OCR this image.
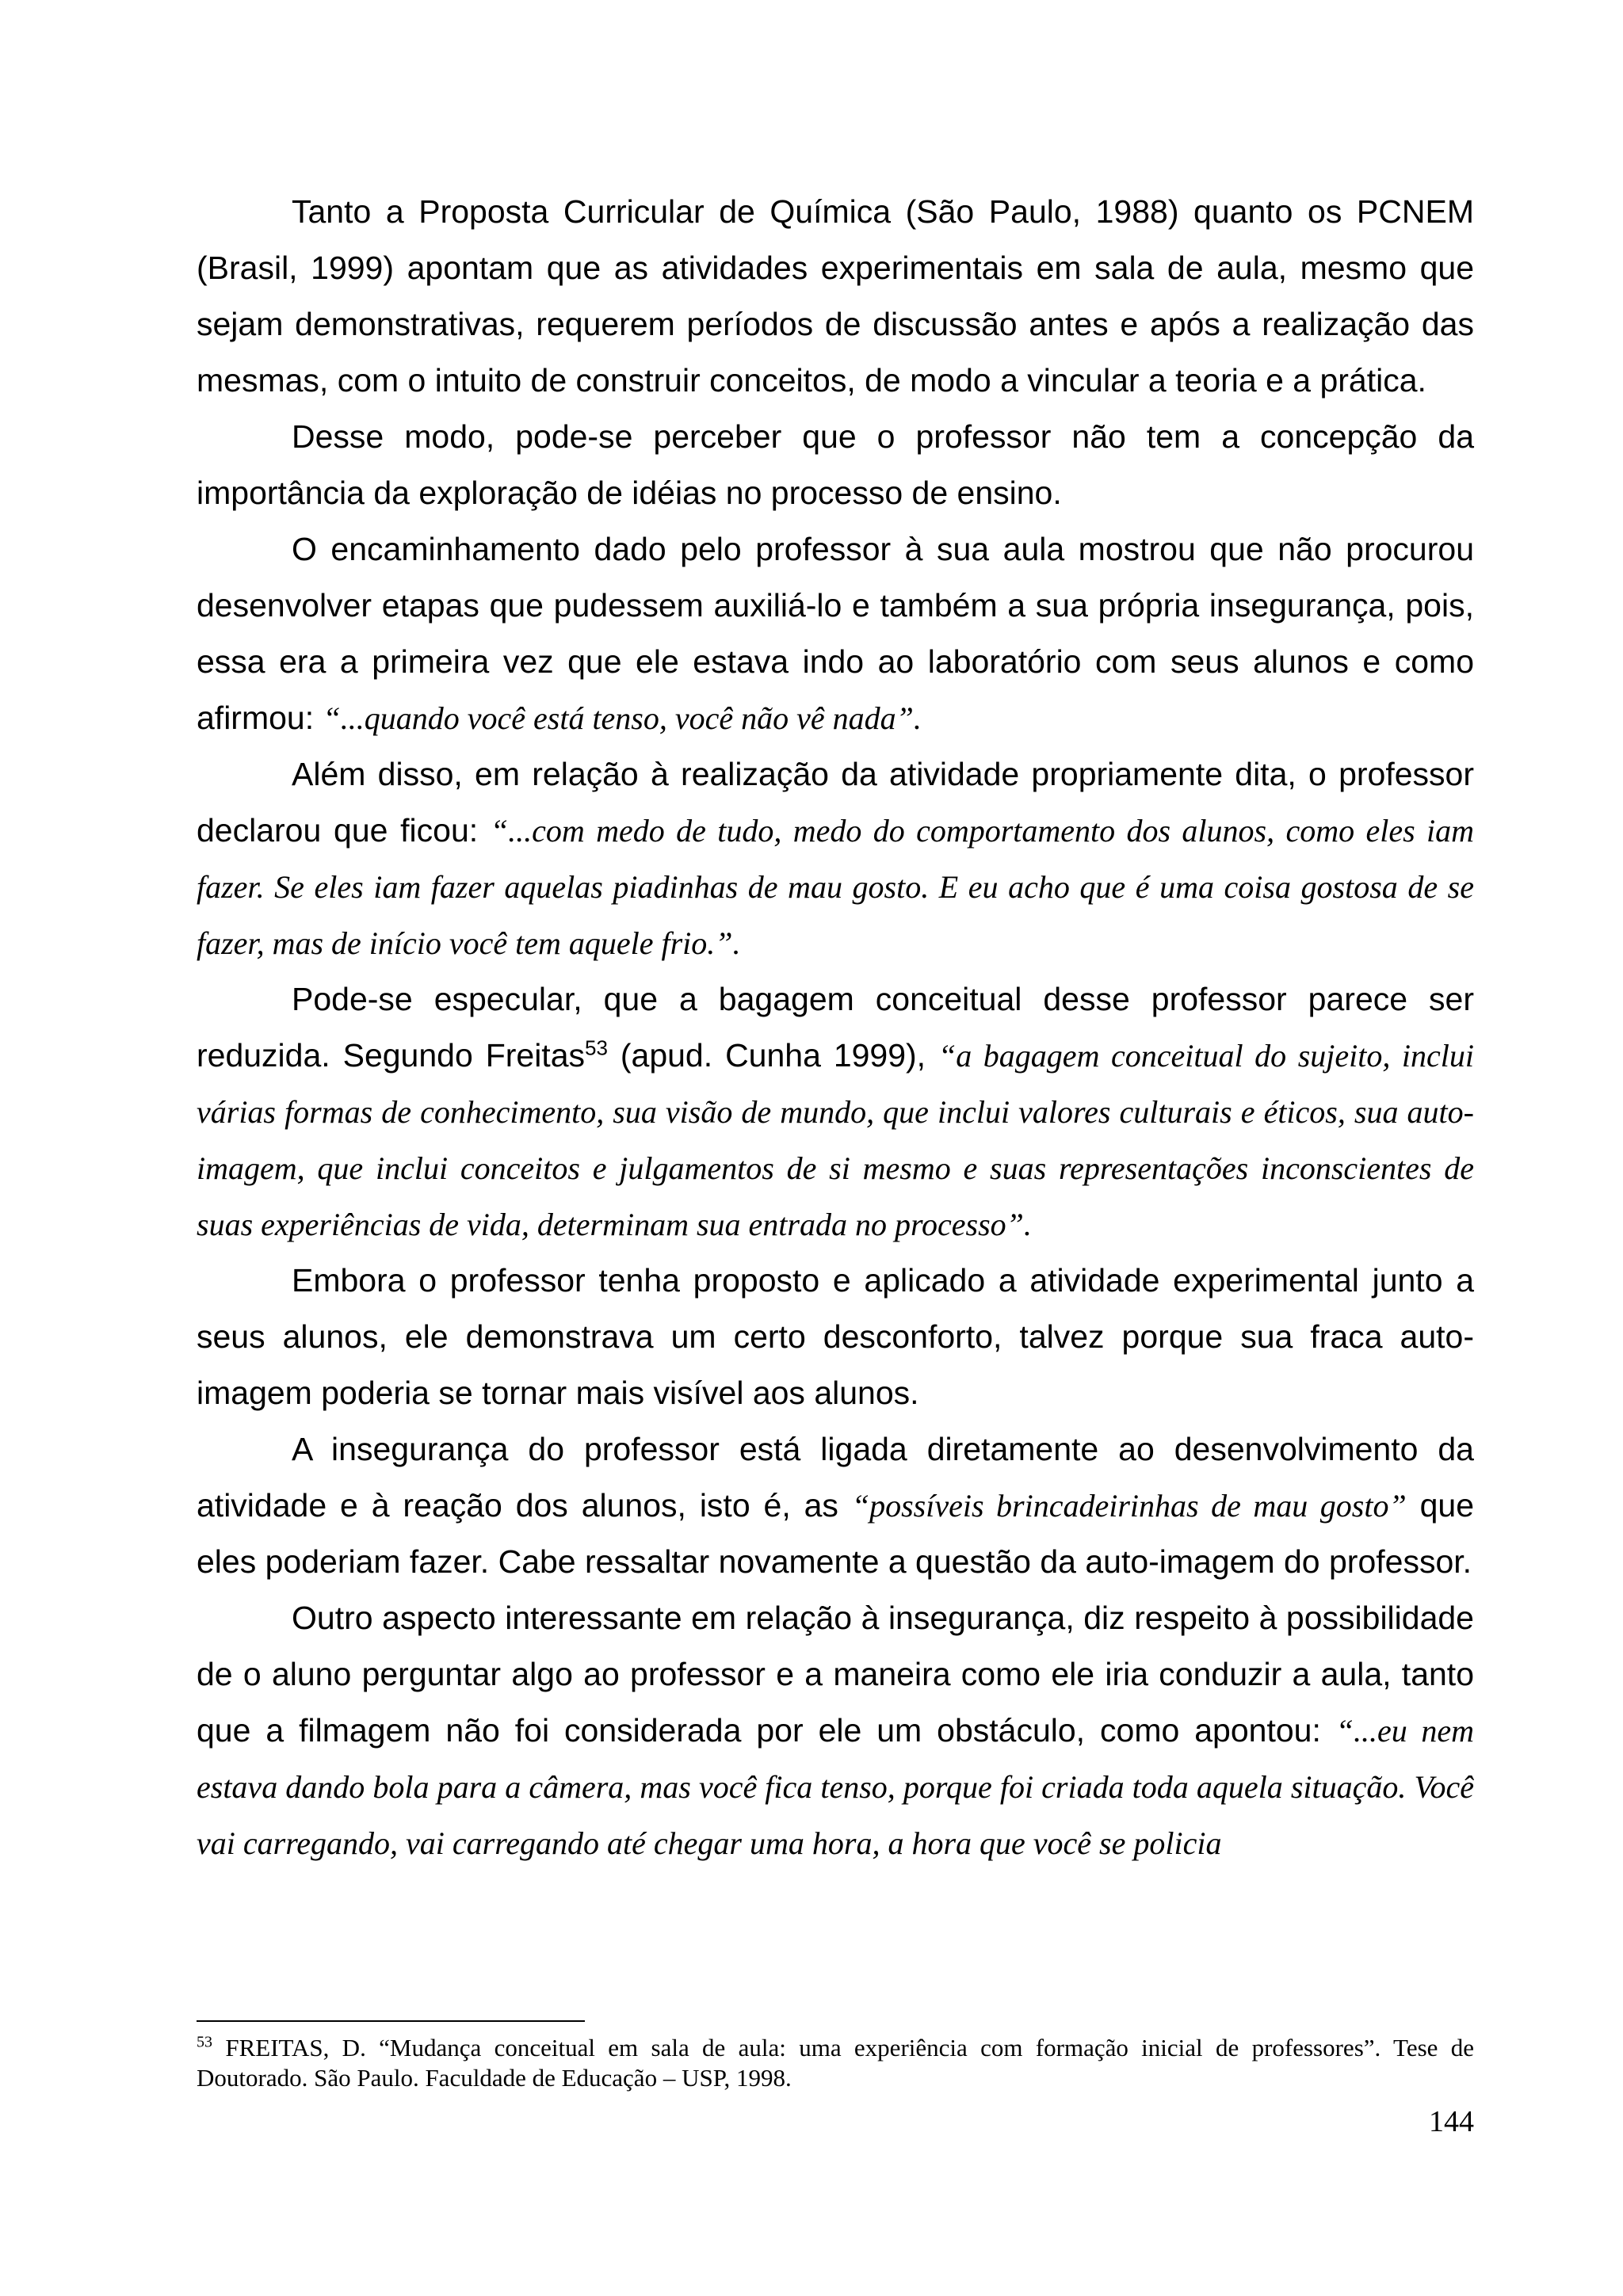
Tanto a Proposta Curricular de Química (São Paulo, 1988) quanto os PCNEM (Brasil, 1999) apontam que as atividades experimentais em sala de aula, mesmo que sejam demonstrativas, requerem períodos de discussão antes e após a realização das mesmas, com o intuito de construir conceitos, de modo a vincular a teoria e a prática.

Desse modo, pode-se perceber que o professor não tem a concepção da importância da exploração de idéias no processo de ensino.

O encaminhamento dado pelo professor à sua aula mostrou que não procurou desenvolver etapas que pudessem auxiliá-lo e também a sua própria insegurança, pois, essa era a primeira vez que ele estava indo ao laboratório com seus alunos e como afirmou: “...quando você está tenso, você não vê nada”.

Além disso, em relação à realização da atividade propriamente dita, o professor declarou que ficou: “...com medo de tudo, medo do comportamento dos alunos, como eles iam fazer. Se eles iam fazer aquelas piadinhas de mau gosto. E eu acho que é uma coisa gostosa de se fazer, mas de início você tem aquele frio.”.

Pode-se especular, que a bagagem conceitual desse professor parece ser reduzida. Segundo Freitas$^{53}$ (apud. Cunha 1999), “a bagagem conceitual do sujeito, inclui várias formas de conhecimento, sua visão de mundo, que inclui valores culturais e éticos, sua auto-imagem, que inclui conceitos e julgamentos de si mesmo e suas representações inconscientes de suas experiências de vida, determinam sua entrada no processo”.

Embora o professor tenha proposto e aplicado a atividade experimental junto a seus alunos, ele demonstrava um certo desconforto, talvez porque sua fraca auto-imagem poderia se tornar mais visível aos alunos.

A insegurança do professor está ligada diretamente ao desenvolvimento da atividade e à reação dos alunos, isto é, as “possíveis brincadeirinhas de mau gosto” que eles poderiam fazer. Cabe ressaltar novamente a questão da auto-imagem do professor.

Outro aspecto interessante em relação à insegurança, diz respeito à possibilidade de o aluno perguntar algo ao professor e a maneira como ele iria conduzir a aula, tanto que a filmagem não foi considerada por ele um obstáculo, como apontou: “...eu nem estava dando bola para a câmera, mas você fica tenso, porque foi criada toda aquela situação. Você vai carregando, vai carregando até chegar uma hora, a hora que você se policia

$^{53}$ FREITAS, D. “Mudança conceitual em sala de aula: uma experiência com formação inicial de professores”. Tese de Doutorado. São Paulo. Faculdade de Educação – USP, 1998.

144
